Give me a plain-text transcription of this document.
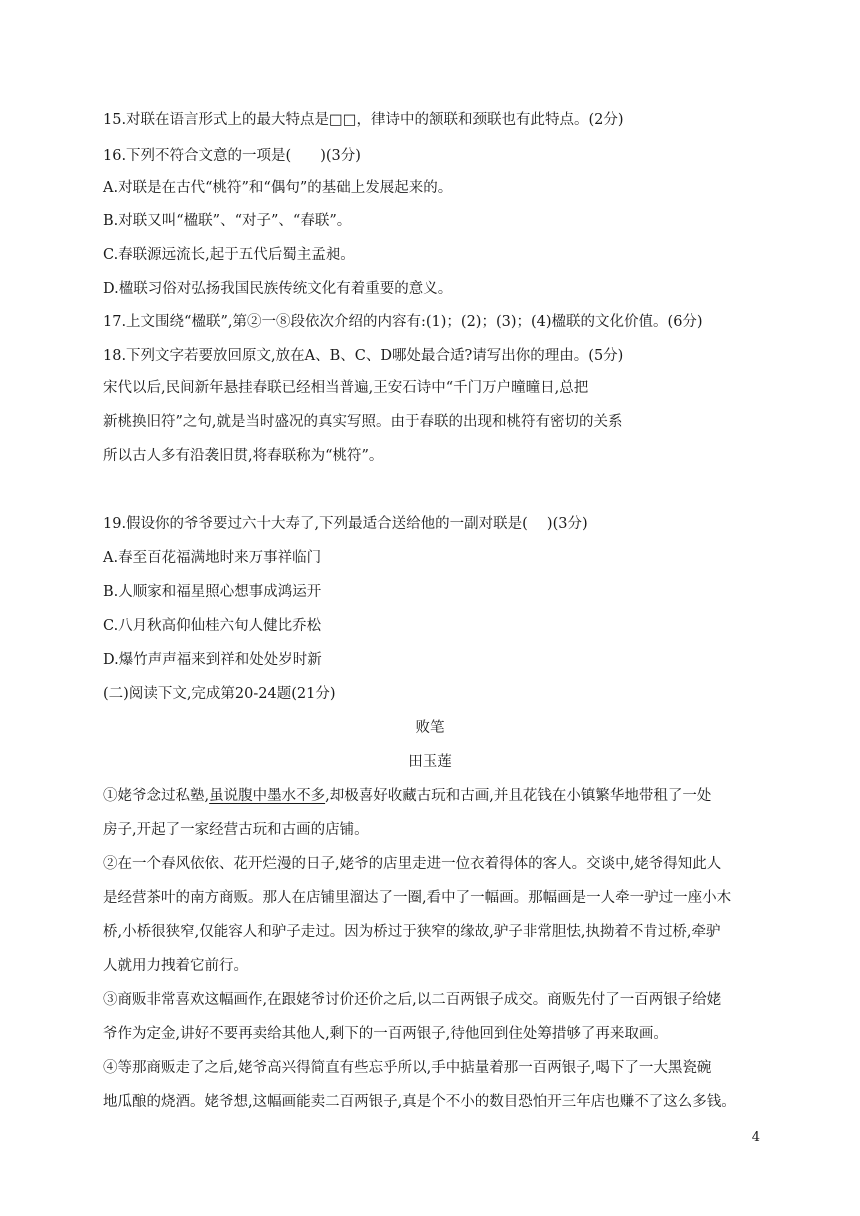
15.对联在语言形式上的最大特点是□□，律诗中的颔联和颈联也有此特点。(2分)
16.下列不符合文意的一项是(　　)(3分)
A.对联是在古代“桃符”和“偶句”的基础上发展起来的。
B.对联又叫“楹联”、“对子”、“春联”。
C.春联源远流长,起于五代后蜀主孟昶。
D.楹联习俗对弘扬我国民族传统文化有着重要的意义。
17.上文围绕“楹联”,第②一⑧段依次介绍的内容有:(1)；(2)；(3)；(4)楹联的文化价值。(6分)
18.下列文字若要放回原文,放在A、B、C、D哪处最合适?请写出你的理由。(5分)
宋代以后,民间新年悬挂春联已经相当普遍,王安石诗中“千门万户曈曈日,总把
新桃换旧符”之句,就是当时盛况的真实写照。由于春联的出现和桃符有密切的关系
所以古人多有沿袭旧贯,将春联称为“桃符”。
19.假设你的爷爷要过六十大寿了,下列最适合送给他的一副对联是(　 )(3分)
A.春至百花福满地时来万事祥临门
B.人顺家和福星照心想事成鸿运开
C.八月秋高仰仙桂六旬人健比乔松
D.爆竹声声福来到祥和处处岁时新
(二)阅读下文,完成第20-24题(21分)
败笔
田玉莲
①姥爷念过私塾,虽说腹中墨水不多,却极喜好收藏古玩和古画,并且花钱在小镇繁华地带租了一处
房子,开起了一家经营古玩和古画的店铺。
②在一个春风依依、花开烂漫的日子,姥爷的店里走进一位衣着得体的客人。交谈中,姥爷得知此人
是经营茶叶的南方商贩。那人在店铺里溜达了一圈,看中了一幅画。那幅画是一人牵一驴过一座小木
桥,小桥很狭窄,仅能容人和驴子走过。因为桥过于狭窄的缘故,驴子非常胆怯,执拗着不肯过桥,牵驴
人就用力拽着它前行。
③商贩非常喜欢这幅画作,在跟姥爷讨价还价之后,以二百两银子成交。商贩先付了一百两银子给姥
爷作为定金,讲好不要再卖给其他人,剩下的一百两银子,待他回到住处筹措够了再来取画。
④等那商贩走了之后,姥爷高兴得简直有些忘乎所以,手中掂量着那一百两银子,喝下了一大黑瓷碗
地瓜酿的烧酒。姥爷想,这幅画能卖二百两银子,真是个不小的数目恐怕开三年店也赚不了这么多钱。
4
